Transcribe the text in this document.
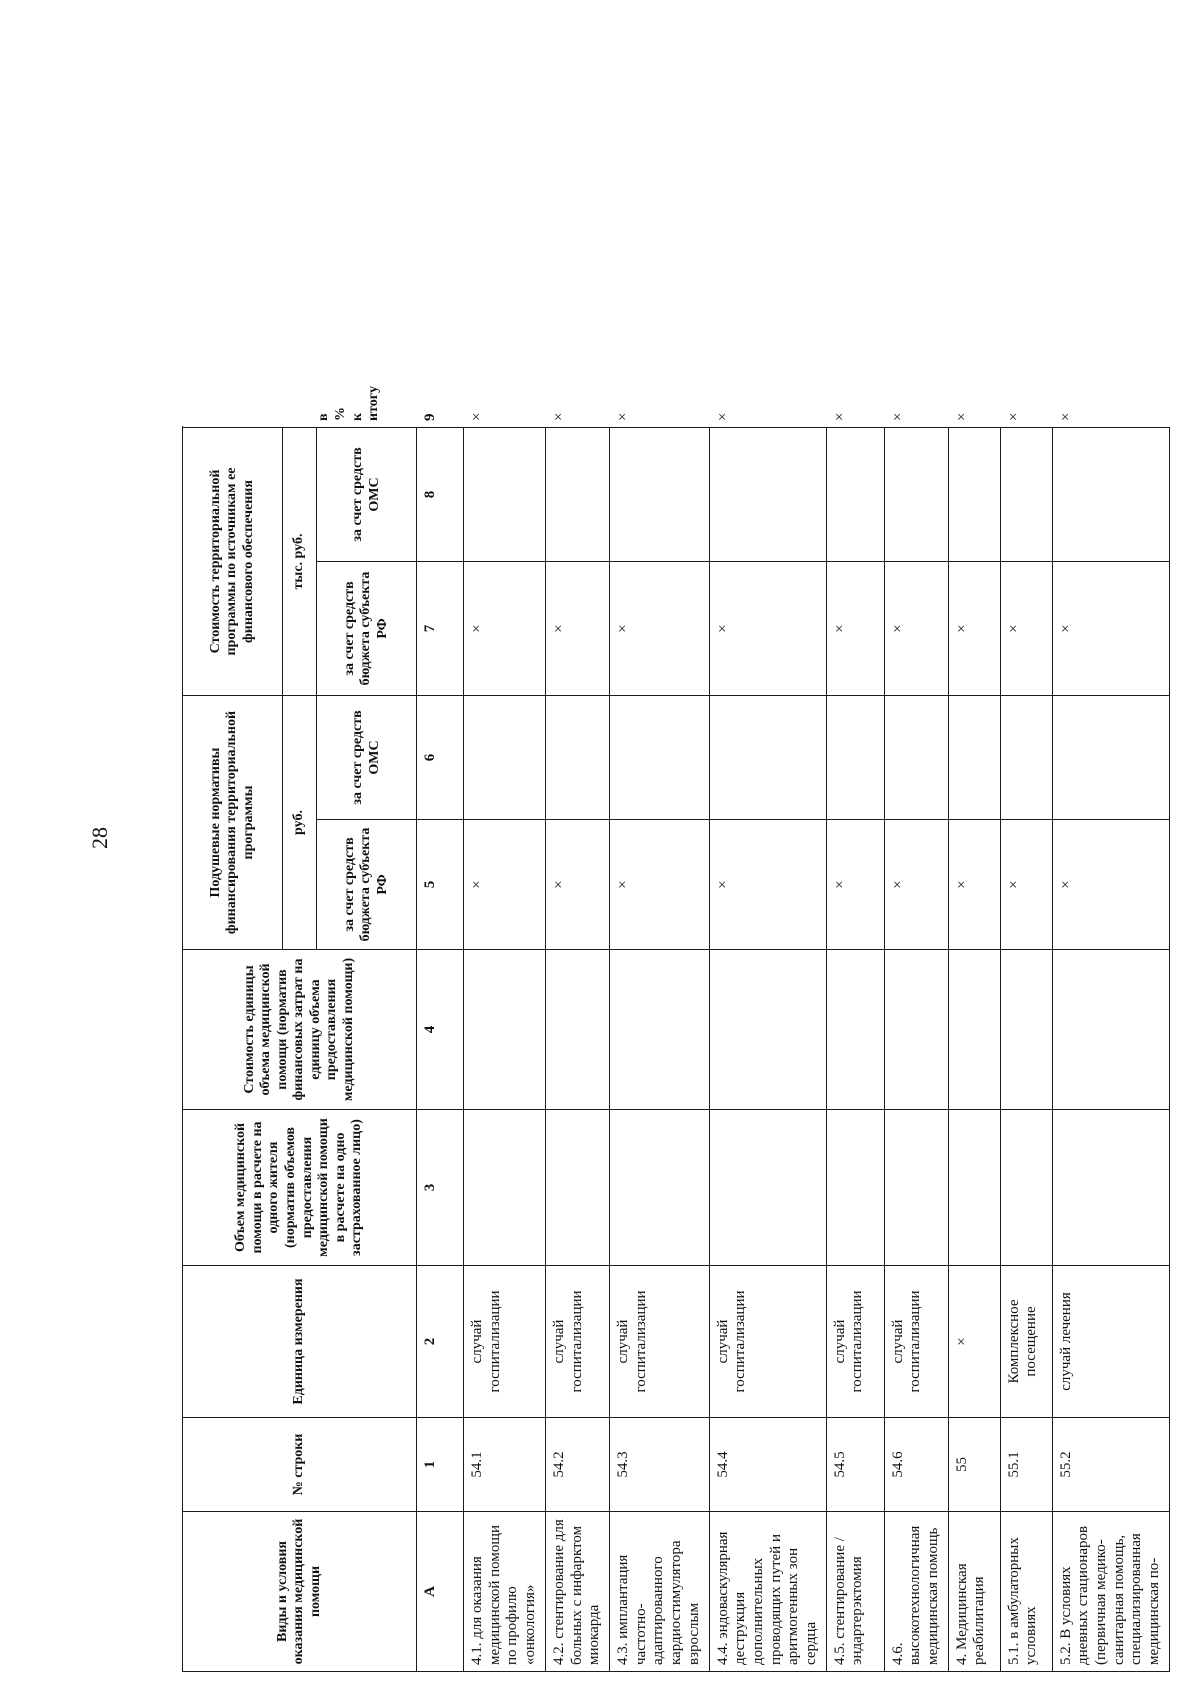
28
Виды и условия оказания медицинской помощи	№ строки	Единица измерения	Объем медицинской помощи в расчете на одного жителя (норматив объемов предоставления медицинской помощи в расчете на одно застрахованное лицо)	Стоимость единицы объема медицинской помощи (норматив финансовых затрат на единицу объема предоставления медицинской помощи)	Подушевые нормативы финансирования территориальной программы		Стоимость территориальной программы по источникам ее финансового обеспечения		
					руб.		тыс. руб.		в % к итогу
					за счет средств бюджета субъекта РФ	за счет средств ОМС	за счет средств бюджета субъекта РФ	за счет средств ОМС	
А	1	2	3	4	5	6	7	8	9
4.1. для оказания медицинской помощи по профилю «онкология»	54.1	случай госпитализации			×		×		×
4.2. стентирование для больных с инфарктом миокарда	54.2	случай госпитализации			×		×		×
4.3. имплантация частотно-адаптированного кардиостимулятора взрослым	54.3	случай госпитализации			×		×		×
4.4. эндоваскулярная деструкция дополнительных проводящих путей и аритмогенных зон сердца	54.4	случай госпитализации			×		×		×
4.5. стентирование / эндартерэктомия	54.5	случай госпитализации			×		×		×
4.6. высокотехнологичная медицинская помощь	54.6	случай госпитализации			×		×		×
4. Медицинская реабилитация	55	×			×		×		×
5.1. в амбулаторных условиях	55.1	Комплексное посещение			×		×		×
5.2. В условиях дневных стационаров (первичная медико-санитарная помощь, специализированная медицинская по-	55.2	случай лечения			×		×		×
